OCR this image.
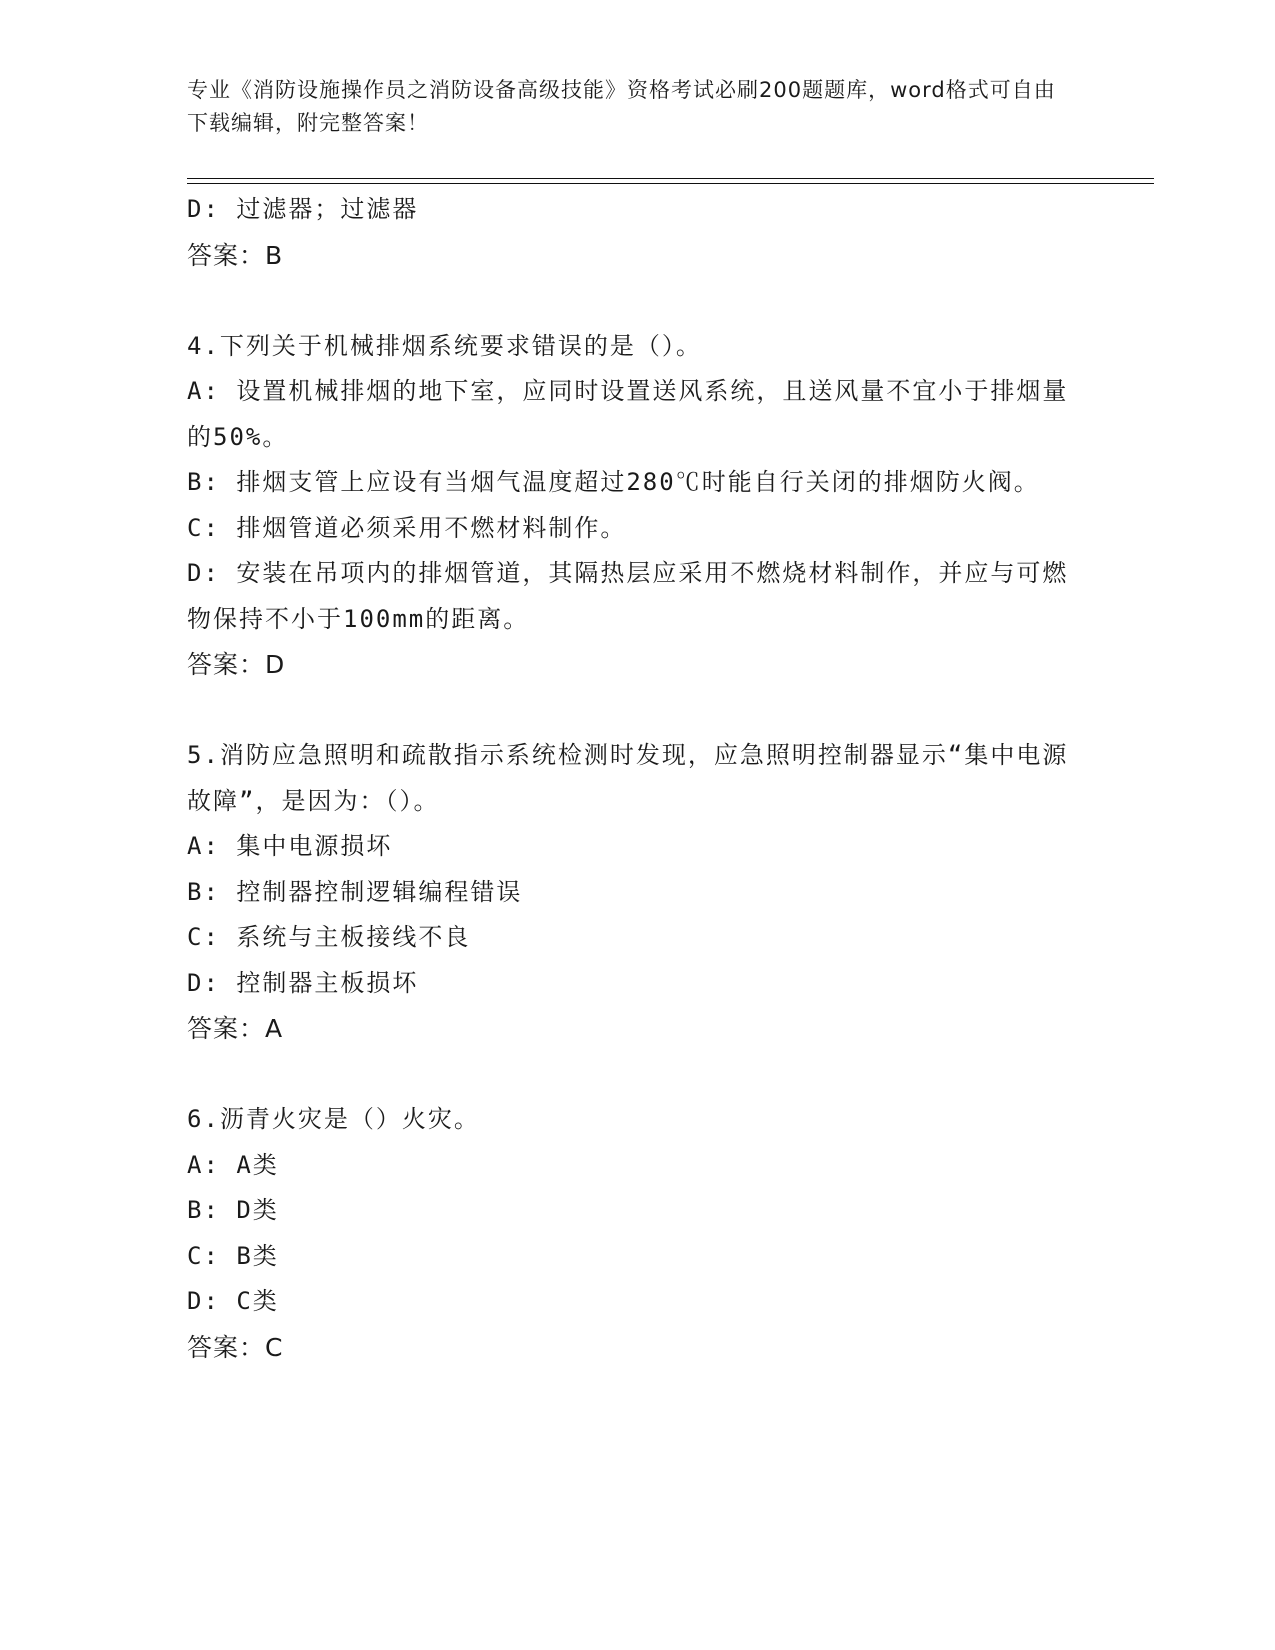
专业《消防设施操作员之消防设备高级技能》资格考试必刷200题题库，word格式可自由下载编辑，附完整答案！
D: 过滤器；过滤器
答案：B
4.下列关于机械排烟系统要求错误的是（）。
A: 设置机械排烟的地下室，应同时设置送风系统，且送风量不宜小于排烟量的50%。
B: 排烟支管上应设有当烟气温度超过280℃时能自行关闭的排烟防火阀。
C: 排烟管道必须采用不燃材料制作。
D: 安装在吊项内的排烟管道，其隔热层应采用不燃烧材料制作，并应与可燃物保持不小于100mm的距离。
答案：D
5.消防应急照明和疏散指示系统检测时发现，应急照明控制器显示“集中电源故障”，是因为：（）。
A: 集中电源损坏
B: 控制器控制逻辑编程错误
C: 系统与主板接线不良
D: 控制器主板损坏
答案：A
6.沥青火灾是（）火灾。
A: A类
B: D类
C: B类
D: C类
答案：C
